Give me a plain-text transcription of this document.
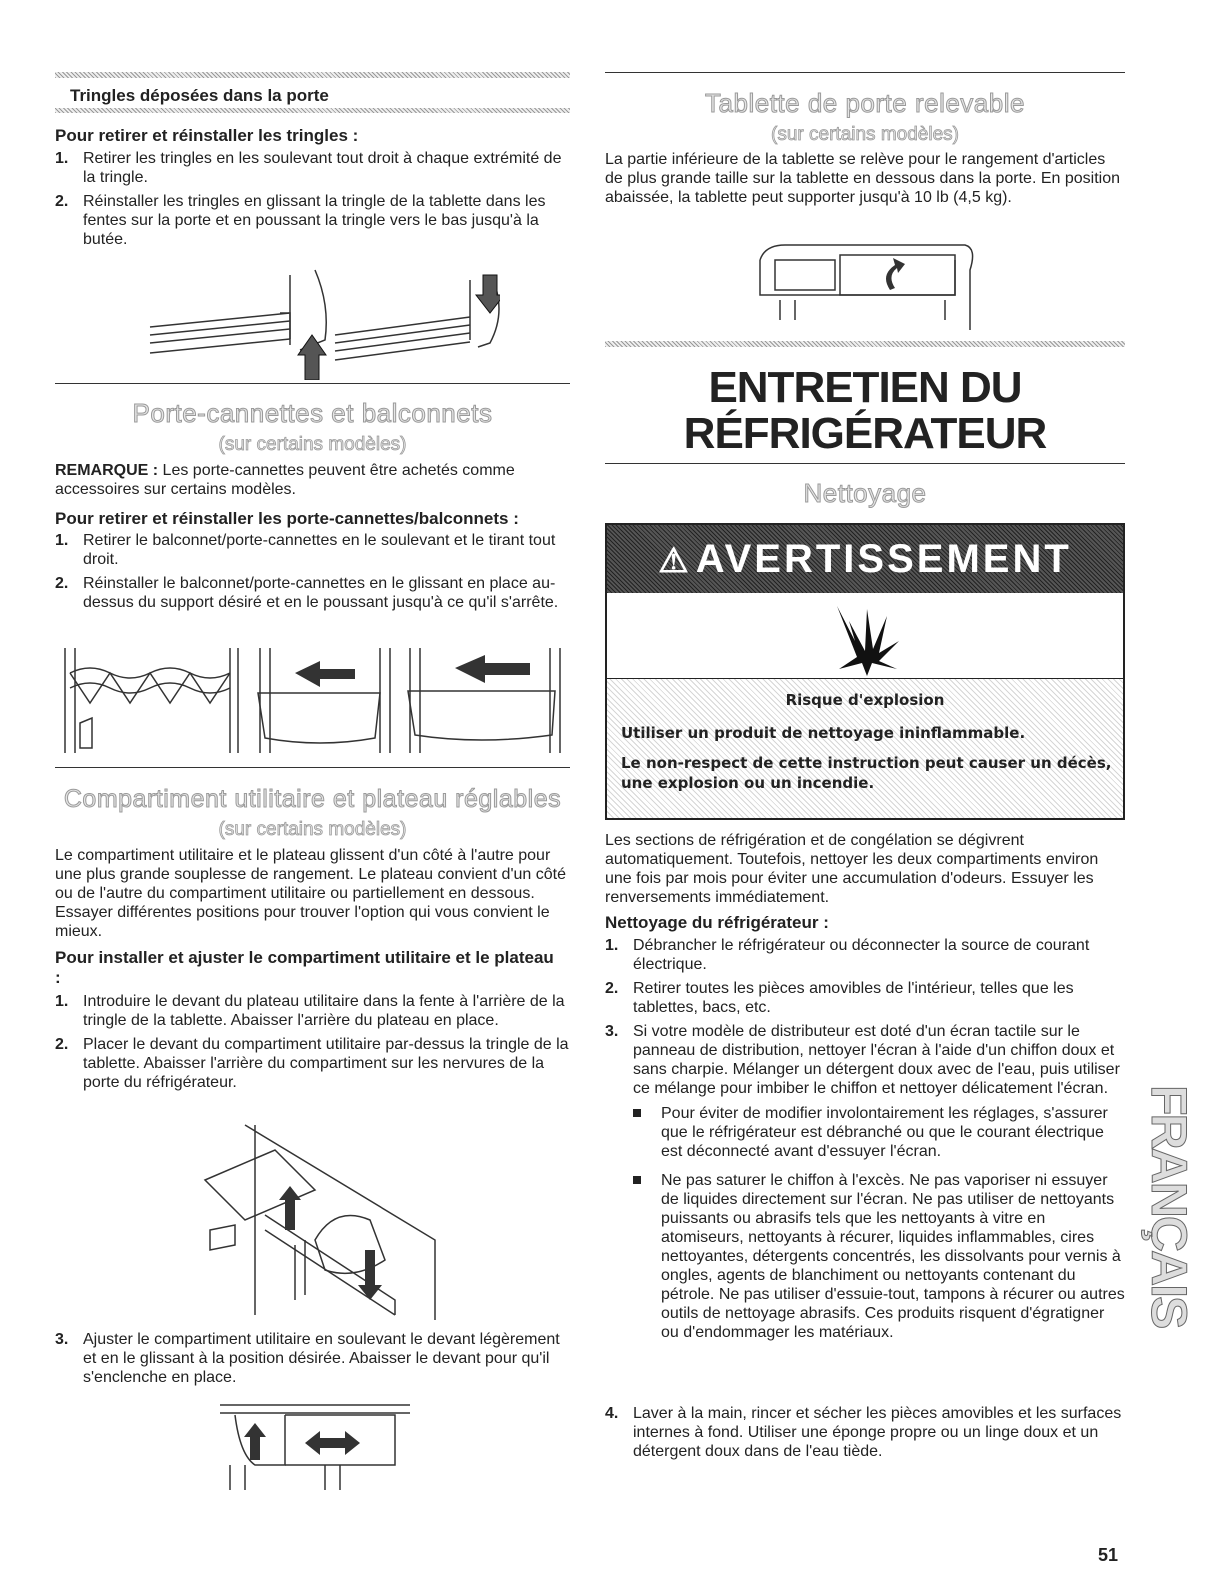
Tringles déposées dans la porte
Pour retirer et réinstaller les tringles :
1. Retirer les tringles en les soulevant tout droit à chaque extrémité de la tringle.
2. Réinstaller les tringles en glissant la tringle de la tablette dans les fentes sur la porte et en poussant la tringle vers le bas jusqu'à la butée.
Porte-cannettes et balconnets
(sur certains modèles)

REMARQUE : Les porte-cannettes peuvent être achetés comme accessoires sur certains modèles.

Pour retirer et réinstaller les porte-cannettes/balconnets :
1. Retirer le balconnet/porte-cannettes en le soulevant et le tirant tout droit.
2. Réinstaller le balconnet/porte-cannettes en le glissant en place au-dessus du support désiré et en le poussant jusqu'à ce qu'il s'arrête.
Compartiment utilitaire et plateau réglables
(sur certains modèles)

Le compartiment utilitaire et le plateau glissent d'un côté à l'autre pour une plus grande souplesse de rangement. Le plateau convient d'un côté ou de l'autre du compartiment utilitaire ou partiellement en dessous. Essayer différentes positions pour trouver l'option qui vous convient le mieux.

Pour installer et ajuster le compartiment utilitaire et le plateau :
1. Introduire le devant du plateau utilitaire dans la fente à l'arrière de la tringle de la tablette. Abaisser l'arrière du plateau en place.
2. Placer le devant du compartiment utilitaire par-dessus la tringle de la tablette. Abaisser l'arrière du compartiment sur les nervures de la porte du réfrigérateur.
3. Ajuster le compartiment utilitaire en soulevant le devant légèrement et en le glissant à la position désirée. Abaisser le devant pour qu'il s'enclenche en place.
Tablette de porte relevable
(sur certains modèles)

La partie inférieure de la tablette se relève pour le rangement d'articles de plus grande taille sur la tablette en dessous dans la porte. En position abaissée, la tablette peut supporter jusqu'à 10 lb (4,5 kg).

ENTRETIEN DU
RÉFRIGÉRATEUR
Nettoyage
⚠ AVERTISSEMENT
Risque d'explosion
Utiliser un produit de nettoyage ininflammable.
Le non-respect de cette instruction peut causer un décès, une explosion ou un incendie.

Les sections de réfrigération et de congélation se dégivrent automatiquement. Toutefois, nettoyer les deux compartiments environ une fois par mois pour éviter une accumulation d'odeurs. Essuyer les renversements immédiatement.

Nettoyage du réfrigérateur :
1. Débrancher le réfrigérateur ou déconnecter la source de courant électrique.
2. Retirer toutes les pièces amovibles de l'intérieur, telles que les tablettes, bacs, etc.
3. Si votre modèle de distributeur est doté d'un écran tactile sur le panneau de distribution, nettoyer l'écran à l'aide d'un chiffon doux et sans charpie. Mélanger un détergent doux avec de l'eau, puis utiliser ce mélange pour imbiber le chiffon et nettoyer délicatement l'écran.
Pour éviter de modifier involontairement les réglages, s'assurer que le réfrigérateur est débranché ou que le courant électrique est déconnecté avant d'essuyer l'écran.
Ne pas saturer le chiffon à l'excès. Ne pas vaporiser ni essuyer de liquides directement sur l'écran. Ne pas utiliser de nettoyants puissants ou abrasifs tels que les nettoyants à vitre en atomiseurs, nettoyants à récurer, liquides inflammables, cires nettoyantes, détergents concentrés, les dissolvants pour vernis à ongles, agents de blanchiment ou nettoyants contenant du pétrole. Ne pas utiliser d'essuie-tout, tampons à récurer ou autres outils de nettoyage abrasifs. Ces produits risquent d'égratigner ou d'endommager les matériaux.
4. Laver à la main, rincer et sécher les pièces amovibles et les surfaces internes à fond. Utiliser une éponge propre ou un linge doux et un détergent doux dans de l'eau tiède.
FRANÇAIS
51
